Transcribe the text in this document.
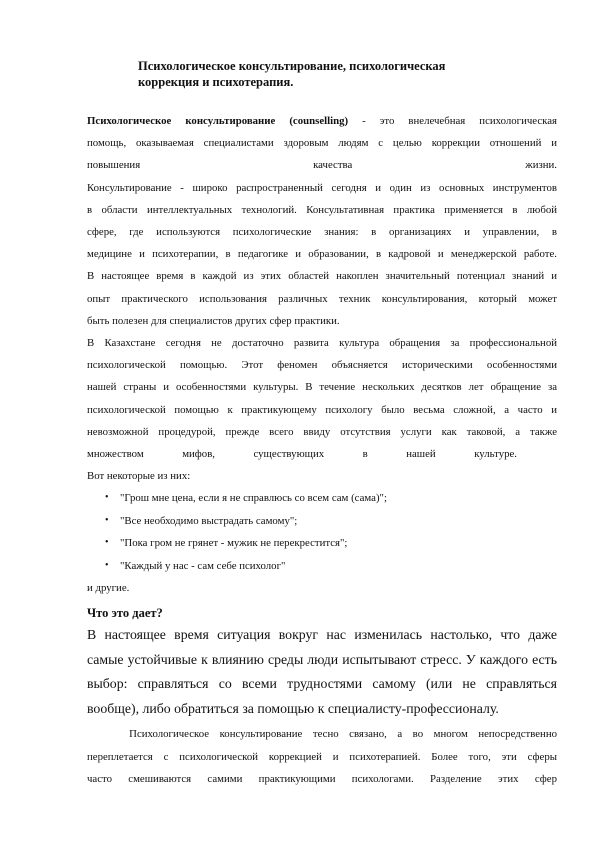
Психологическое консультирование, психологическая
коррекция и психотерапия.

Психологическое консультирование (counselling) - это внелечебная психологическая
помощь, оказываемая специалистами здоровым людям с целью коррекции отношений и
повышения качества жизни.

Консультирование - широко распространенный сегодня и один из основных инструментов
в области интеллектуальных технологий. Консультативная практика применяется в любой
сфере, где используются психологические знания: в организациях и управлении, в
медицине и психотерапии, в педагогике и образовании, в кадровой и менеджерской работе.
В настоящее время в каждой из этих областей накоплен значительный потенциал знаний и
опыт практического использования различных техник консультирования, который может
быть полезен для специалистов других сфер практики.

В Казахстане сегодня не достаточно развита культура обращения за профессиональной
психологической помощью. Этот феномен объясняется историческими особенностями
нашей страны и особенностями культуры. В течение нескольких десятков лет обращение за
психологической помощью к практикующему психологу было весьма сложной, а часто и
невозможной процедурой, прежде всего ввиду отсутствия услуги как таковой, а также
множеством мифов, существующих в нашей культуре.

Вот некоторые из них:

• "Грош мне цена, если я не справлюсь со всем сам (сама)";
• "Все необходимо выстрадать самому";
• "Пока гром не грянет - мужик не перекрестится";
• "Каждый у нас - сам себе психолог"

и другие.

Что это дает?

В настоящее время ситуация вокруг нас изменилась настолько, что даже
самые устойчивые к влиянию среды люди испытывают стресс. У каждого есть
выбор: справляться со всеми трудностями самому (или не справляться
вообще), либо обратиться за помощью к специалисту-профессионалу.

Психологическое консультирование тесно связано, а во многом непосредственно
переплетается с психологической коррекцией и психотерапией. Более того, эти сферы
часто смешиваются самими практикующими психологами. Разделение этих сфер
